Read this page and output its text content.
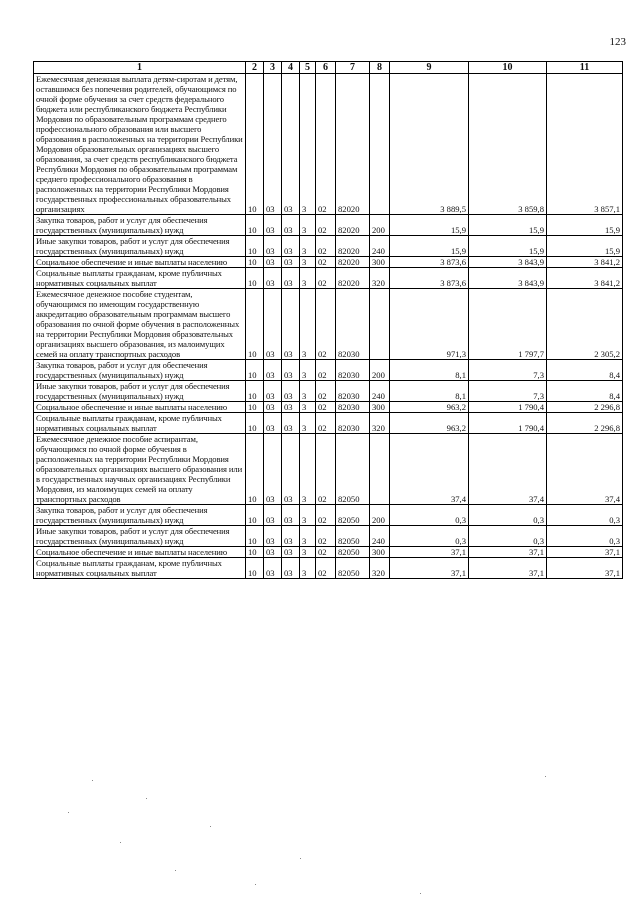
123
1	2	3	4	5	6	7	8	9	10	11
Ежемесячная денежная выплата детям-сиротам и детям, оставшимся без попечения родителей, обучающимся по очной форме обучения за счет средств федерального бюджета или республиканского бюджета Республики Мордовия по образовательным программам среднего профессионального образования или высшего образования в расположенных на территории Республики Мордовия образовательных организациях высшего образования, за счет средств республиканского бюджета Республики Мордовия по образовательным программам среднего профессионального образования в расположенных на территории Республики Мордовия государственных профессиональных образовательных организациях	10	03	03	3	02	82020		3 889,5	3 859,8	3 857,1
Закупка товаров, работ и услуг для обеспечения государственных (муниципальных) нужд	10	03	03	3	02	82020	200	15,9	15,9	15,9
Иные закупки товаров, работ и услуг для обеспечения государственных (муниципальных) нужд	10	03	03	3	02	82020	240	15,9	15,9	15,9
Социальное обеспечение и иные выплаты населению	10	03	03	3	02	82020	300	3 873,6	3 843,9	3 841,2
Социальные выплаты гражданам, кроме публичных нормативных социальных выплат	10	03	03	3	02	82020	320	3 873,6	3 843,9	3 841,2
Ежемесячное денежное пособие студентам, обучающимся по имеющим государственную аккредитацию образовательным программам высшего образования по очной форме обучения в расположенных на территории Республики Мордовия образовательных организациях высшего образования, из малоимущих семей на оплату транспортных расходов	10	03	03	3	02	82030		971,3	1 797,7	2 305,2
Закупка товаров, работ и услуг для обеспечения государственных (муниципальных) нужд	10	03	03	3	02	82030	200	8,1	7,3	8,4
Иные закупки товаров, работ и услуг для обеспечения государственных (муниципальных) нужд	10	03	03	3	02	82030	240	8,1	7,3	8,4
Социальное обеспечение и иные выплаты населению	10	03	03	3	02	82030	300	963,2	1 790,4	2 296,8
Социальные выплаты гражданам, кроме публичных нормативных социальных выплат	10	03	03	3	02	82030	320	963,2	1 790,4	2 296,8
Ежемесячное денежное пособие аспирантам, обучающимся по очной форме обучения в расположенных на территории Республики Мордовия образовательных организациях высшего образования или в государственных научных организациях Республики Мордовия, из малоимущих семей на оплату транспортных расходов	10	03	03	3	02	82050		37,4	37,4	37,4
Закупка товаров, работ и услуг для обеспечения государственных (муниципальных) нужд	10	03	03	3	02	82050	200	0,3	0,3	0,3
Иные закупки товаров, работ и услуг для обеспечения государственных (муниципальных) нужд	10	03	03	3	02	82050	240	0,3	0,3	0,3
Социальное обеспечение и иные выплаты населению	10	03	03	3	02	82050	300	37,1	37,1	37,1
Социальные выплаты гражданам, кроме публичных нормативных социальных выплат	10	03	03	3	02	82050	320	37,1	37,1	37,1
